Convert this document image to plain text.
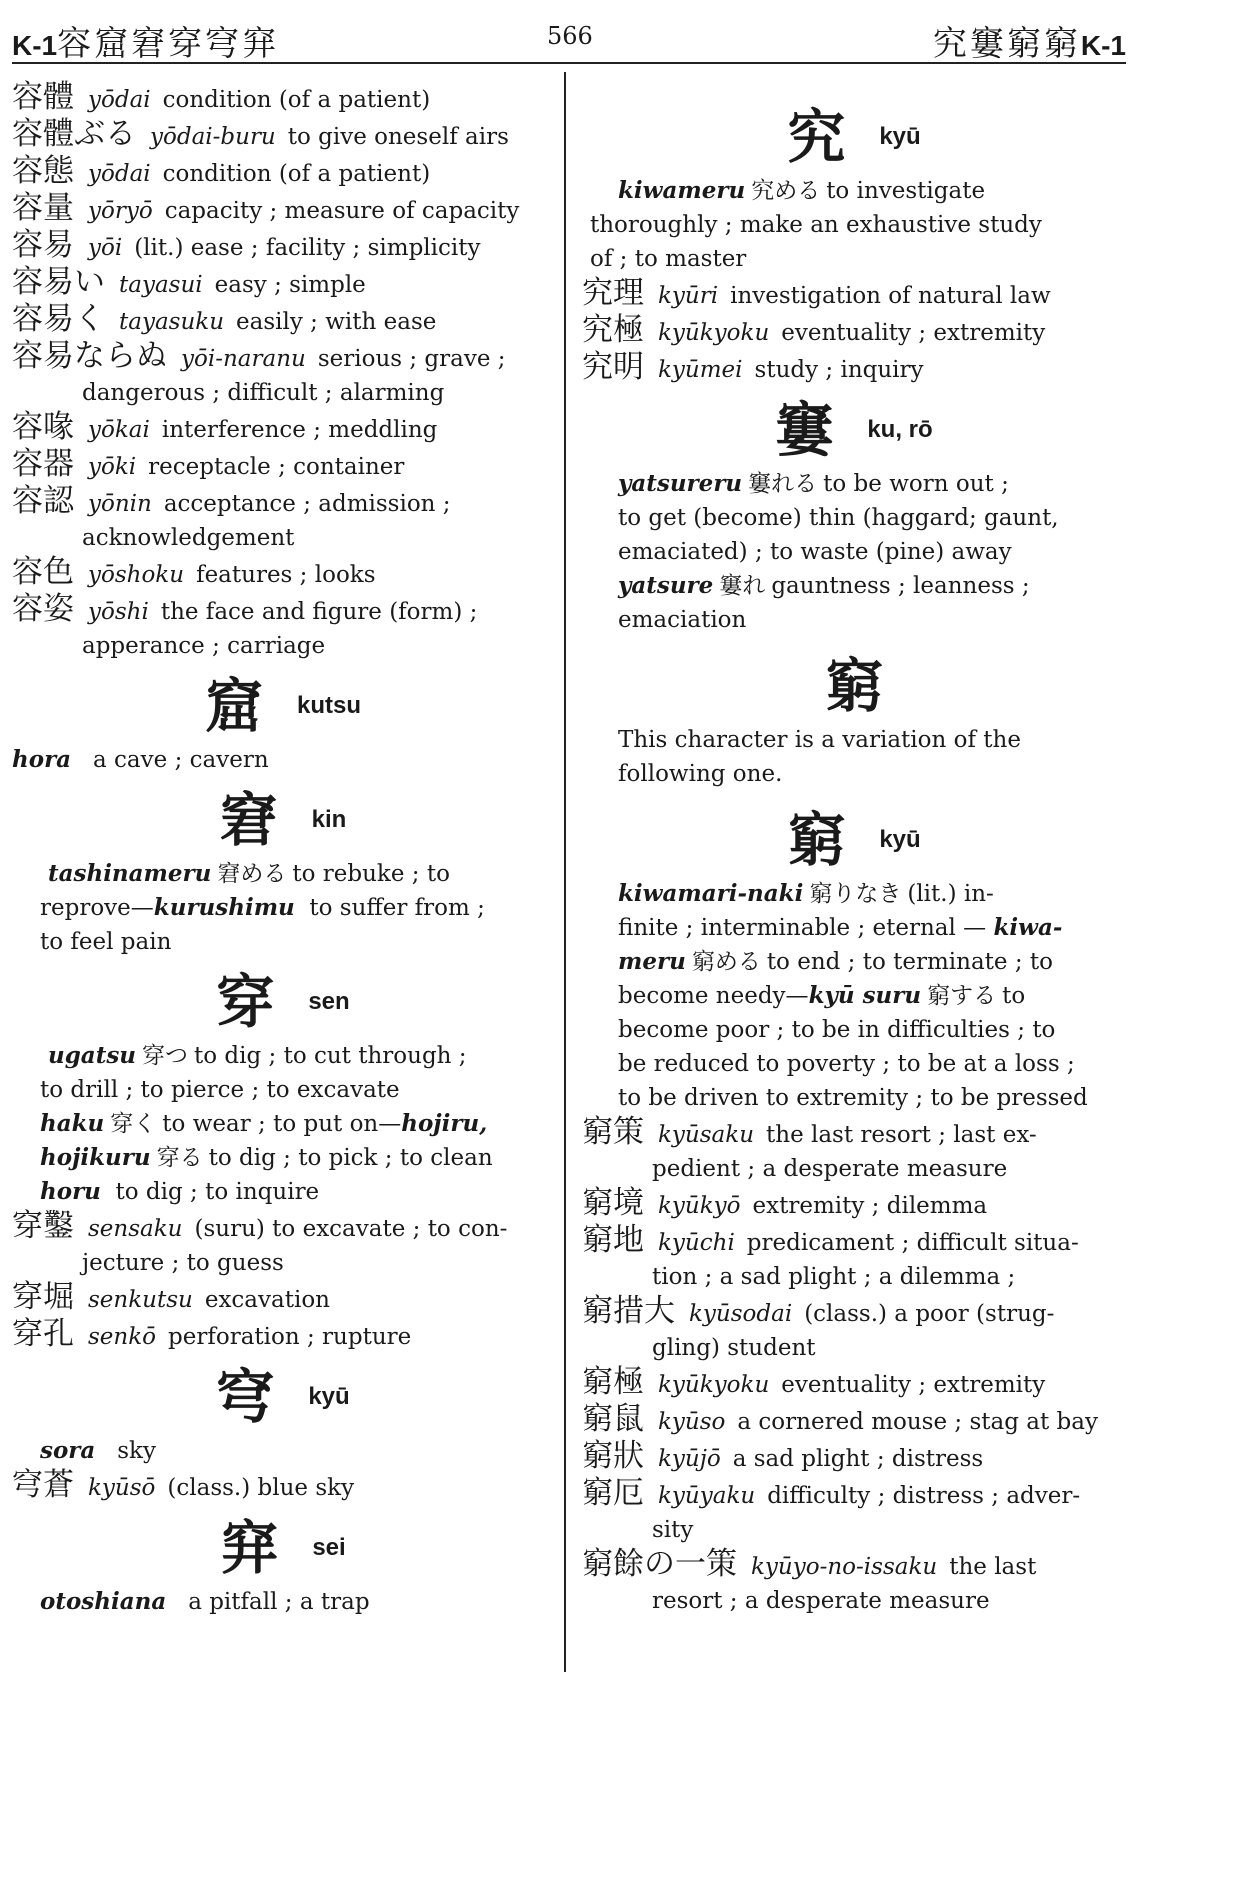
K-1容窟窘穿穹穽	566	究窶窮窮K-1
容體 yōdai condition (of a patient)
容體ぶる yōdai-buru to give oneself airs
容態 yōdai condition (of a patient)
容量 yōryō capacity ; measure of capacity
容易 yōi (lit.) ease ; facility ; simplicity
容易い tayasui easy ; simple
容易く tayasuku easily ; with ease
容易ならぬ yōi-naranu serious ; grave ;
dangerous ; difficult ; alarming
容喙 yōkai interference ; meddling
容器 yōki receptacle ; container
容認 yōnin acceptance ; admission ;
acknowledgement
容色 yōshoku features ; looks
容姿 yōshi the face and figure (form) ;
apperance ; carriage
窟 kutsu
hora a cave ; cavern
窘 kin
tashinameru 窘める to rebuke ; to
reprove—kurushimu to suffer from ;
to feel pain
穿 sen
ugatsu 穿つ to dig ; to cut through ;
to drill ; to pierce ; to excavate
haku 穿く to wear ; to put on—hojiru,
hojikuru 穿る to dig ; to pick ; to clean
horu to dig ; to inquire
穿鑿 sensaku (suru) to excavate ; to con-
jecture ; to guess
穿堀 senkutsu excavation
穿孔 senkō perforation ; rupture
穹 kyū
sora sky
穹蒼 kyūsō (class.) blue sky
穽 sei
otoshiana a pitfall ; a trap
究 kyū
kiwameru 究める to investigate
thoroughly ; make an exhaustive study
of ; to master
究理 kyūri investigation of natural law
究極 kyūkyoku eventuality ; extremity
究明 kyūmei study ; inquiry
窶 ku, rō
yatsureru 窶れる to be worn out ;
to get (become) thin (haggard; gaunt,
emaciated) ; to waste (pine) away
yatsure 窶れ gauntness ; leanness ;
emaciation
窮
This character is a variation of the
following one.
窮 kyū
kiwamari-naki 窮りなき (lit.) in-
finite ; interminable ; eternal — kiwa-
meru 窮める to end ; to terminate ; to
become needy—kyū suru 窮する to
become poor ; to be in difficulties ; to
be reduced to poverty ; to be at a loss ;
to be driven to extremity ; to be pressed
窮策 kyūsaku the last resort ; last ex-
pedient ; a desperate measure
窮境 kyūkyō extremity ; dilemma
窮地 kyūchi predicament ; difficult situa-
tion ; a sad plight ; a dilemma ;
窮措大 kyūsodai (class.) a poor (strug-
gling) student
窮極 kyūkyoku eventuality ; extremity
窮鼠 kyūso a cornered mouse ; stag at bay
窮狀 kyūjō a sad plight ; distress
窮厄 kyūyaku difficulty ; distress ; adver-
sity
窮餘の一策 kyūyo-no-issaku the last
resort ; a desperate measure
